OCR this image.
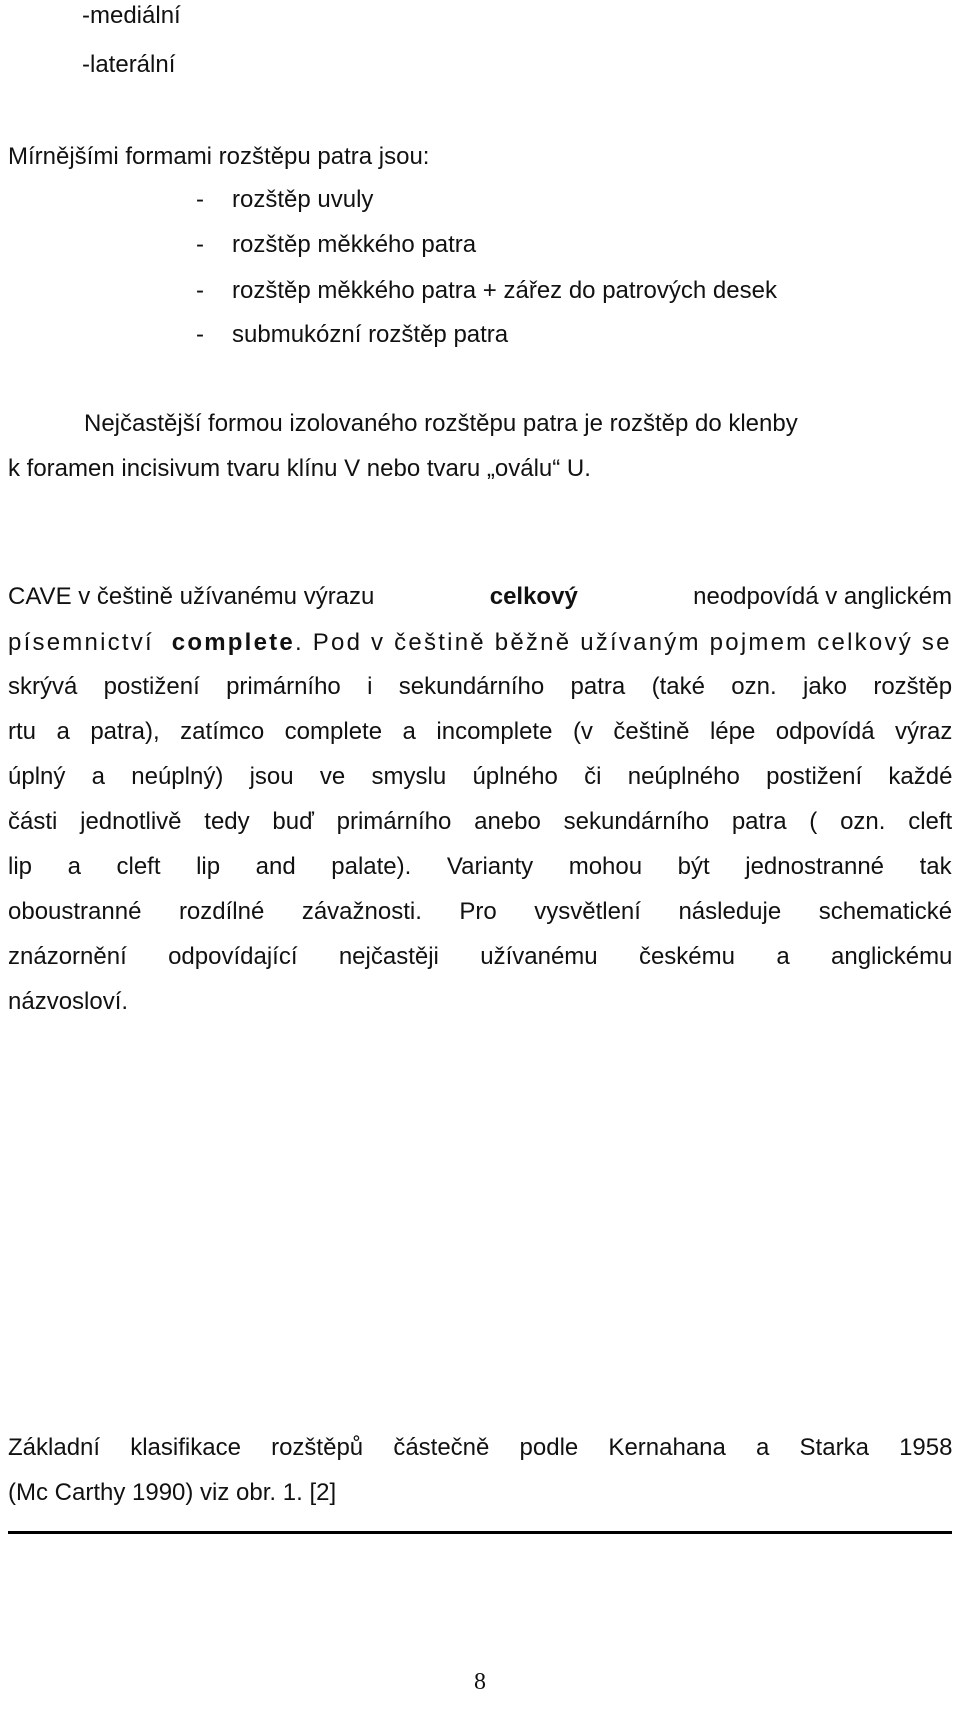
-mediální
-laterální
Mírnějšími formami rozštěpu patra jsou:
- rozštěp uvuly
- rozštěp měkkého patra
- rozštěp měkkého patra + zářez do patrových desek
- submukózní rozštěp patra
Nejčastější formou izolovaného rozštěpu patra je rozštěp do klenby
k foramen incisivum tvaru klínu V nebo tvaru „oválu“ U.
CAVE v češtině užívanému výrazu	celkový	neodpovídá v anglickém
písemnictví complete. Pod v češtině běžně užívaným pojmem celkový se
skrývá postižení primárního i sekundárního patra (také ozn. jako rozštěp
rtu a patra), zatímco complete a incomplete (v češtině lépe odpovídá výraz
úplný a neúplný) jsou ve smyslu úplného či neúplného postižení každé
části jednotlivě tedy buď primárního anebo sekundárního patra ( ozn. cleft
lip a cleft lip and palate). Varianty mohou být jednostranné tak
oboustranné rozdílné závažnosti. Pro vysvětlení následuje schematické
znázornění odpovídající nejčastěji užívanému českému a anglickému
názvosloví.
Základní klasifikace rozštěpů částečně podle Kernahana a Starka 1958
(Mc Carthy 1990) viz obr. 1. [2]
8
